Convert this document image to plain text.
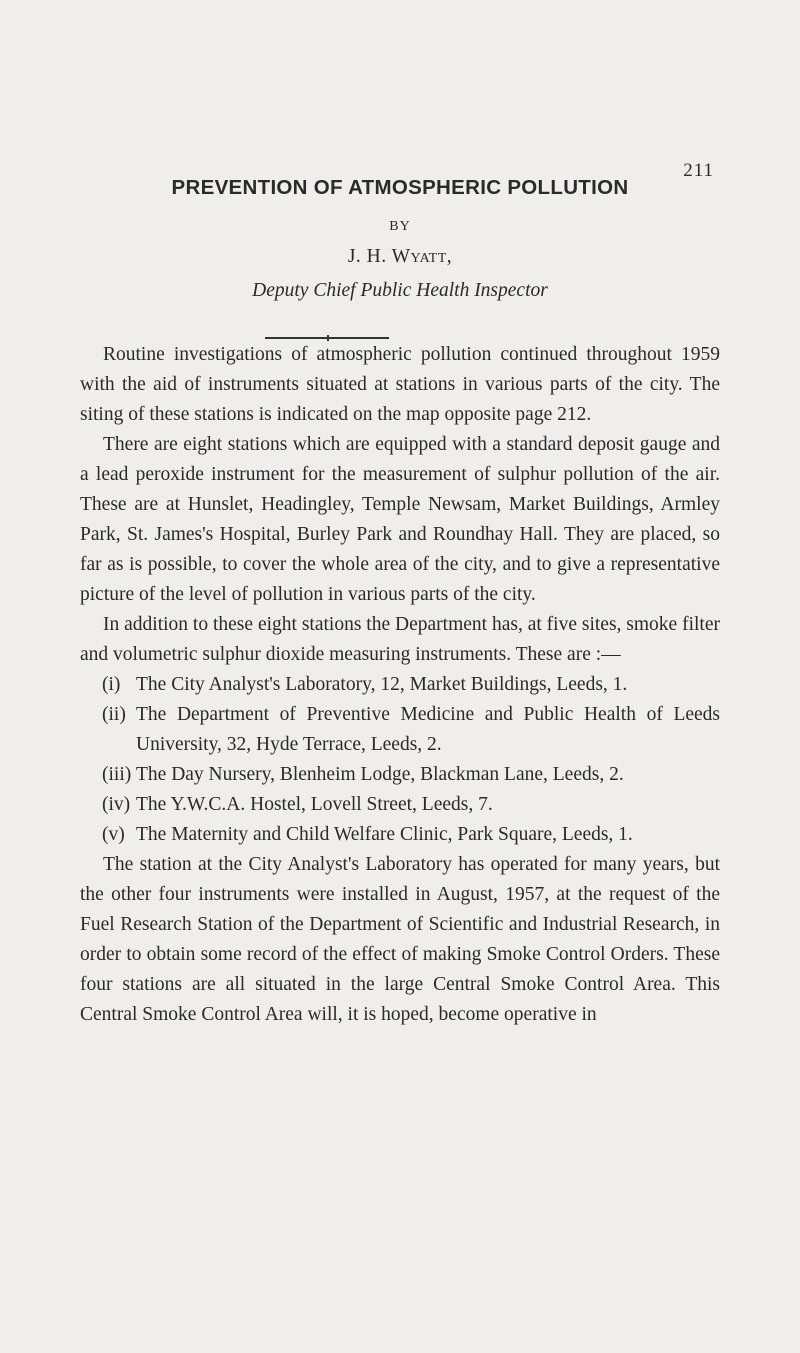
211
PREVENTION OF ATMOSPHERIC POLLUTION
BY
J. H. Wyatt,
Deputy Chief Public Health Inspector

Routine investigations of atmospheric pollution continued throughout 1959 with the aid of instruments situated at stations in various parts of the city. The siting of these stations is indicated on the map opposite page 212.

There are eight stations which are equipped with a standard deposit gauge and a lead peroxide instrument for the measurement of sulphur pollution of the air. These are at Hunslet, Headingley, Temple Newsam, Market Buildings, Armley Park, St. James's Hospital, Burley Park and Roundhay Hall. They are placed, so far as is possible, to cover the whole area of the city, and to give a representative picture of the level of pollution in various parts of the city.

In addition to these eight stations the Department has, at five sites, smoke filter and volumetric sulphur dioxide measuring instruments. These are :—

(i) The City Analyst's Laboratory, 12, Market Buildings, Leeds, 1.
(ii) The Department of Preventive Medicine and Public Health of Leeds University, 32, Hyde Terrace, Leeds, 2.
(iii) The Day Nursery, Blenheim Lodge, Blackman Lane, Leeds, 2.
(iv) The Y.W.C.A. Hostel, Lovell Street, Leeds, 7.
(v) The Maternity and Child Welfare Clinic, Park Square, Leeds, 1.

The station at the City Analyst's Laboratory has operated for many years, but the other four instruments were installed in August, 1957, at the request of the Fuel Research Station of the Department of Scientific and Industrial Research, in order to obtain some record of the effect of making Smoke Control Orders. These four stations are all situated in the large Central Smoke Control Area. This Central Smoke Control Area will, it is hoped, become operative in
